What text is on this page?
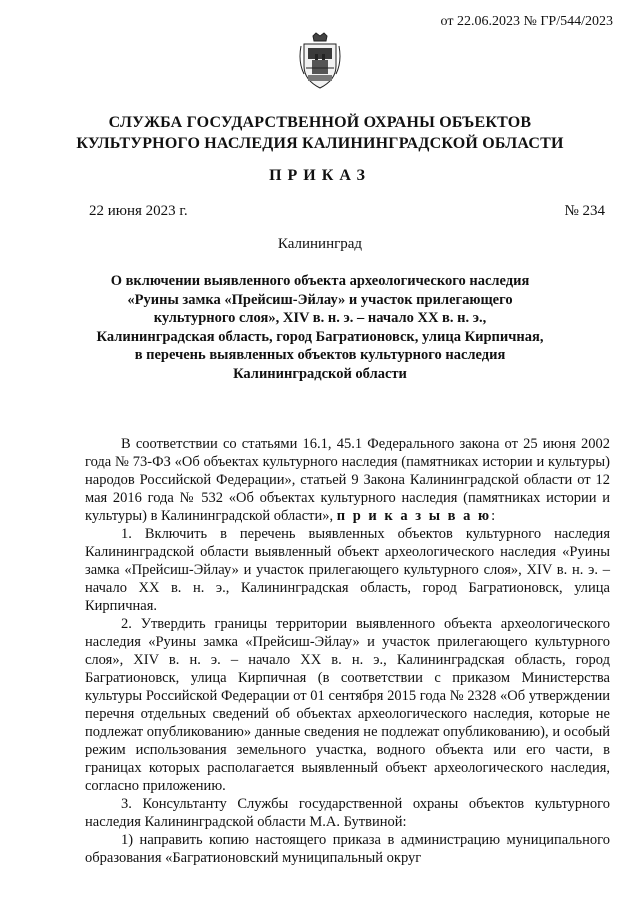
от 22.06.2023 № ГР/544/2023
СЛУЖБА ГОСУДАРСТВЕННОЙ ОХРАНЫ ОБЪЕКТОВ
КУЛЬТУРНОГО НАСЛЕДИЯ КАЛИНИНГРАДСКОЙ ОБЛАСТИ
ПРИКАЗ
22 июня 2023 г.	№ 234
Калининград
О включении выявленного объекта археологического наследия
«Руины замка «Прейсиш-Эйлау» и участок прилегающего
культурного слоя», XIV в. н. э. – начало XX в. н. э.,
Калининградская область, город Багратионовск, улица Кирпичная,
в перечень выявленных объектов культурного наследия
Калининградской области

В соответствии со статьями 16.1, 45.1 Федерального закона от 25 июня 2002 года № 73-ФЗ «Об объектах культурного наследия (памятниках истории и культуры) народов Российской Федерации», статьей 9 Закона Калининградской области от 12 мая 2016 года № 532 «Об объектах культурного наследия (памятниках истории и культуры) в Калининградской области», п р и к а з ы в а ю:

1. Включить в перечень выявленных объектов культурного наследия Калининградской области выявленный объект археологического наследия «Руины замка «Прейсиш-Эйлау» и участок прилегающего культурного слоя», XIV в. н. э. – начало XX в. н. э., Калининградская область, город Багратионовск, улица Кирпичная.

2. Утвердить границы территории выявленного объекта археологического наследия «Руины замка «Прейсиш-Эйлау» и участок прилегающего культурного слоя», XIV в. н. э. – начало XX в. н. э., Калининградская область, город Багратионовск, улица Кирпичная (в соответствии с приказом Министерства культуры Российской Федерации от 01 сентября 2015 года № 2328 «Об утверждении перечня отдельных сведений об объектах археологического наследия, которые не подлежат опубликованию» данные сведения не подлежат опубликованию), и особый режим использования земельного участка, водного объекта или его части, в границах которых располагается выявленный объект археологического наследия, согласно приложению.

3. Консультанту Службы государственной охраны объектов культурного наследия Калининградской области М.А. Бутвиной:

1) направить копию настоящего приказа в администрацию муниципального образования «Багратионовский муниципальный округ
